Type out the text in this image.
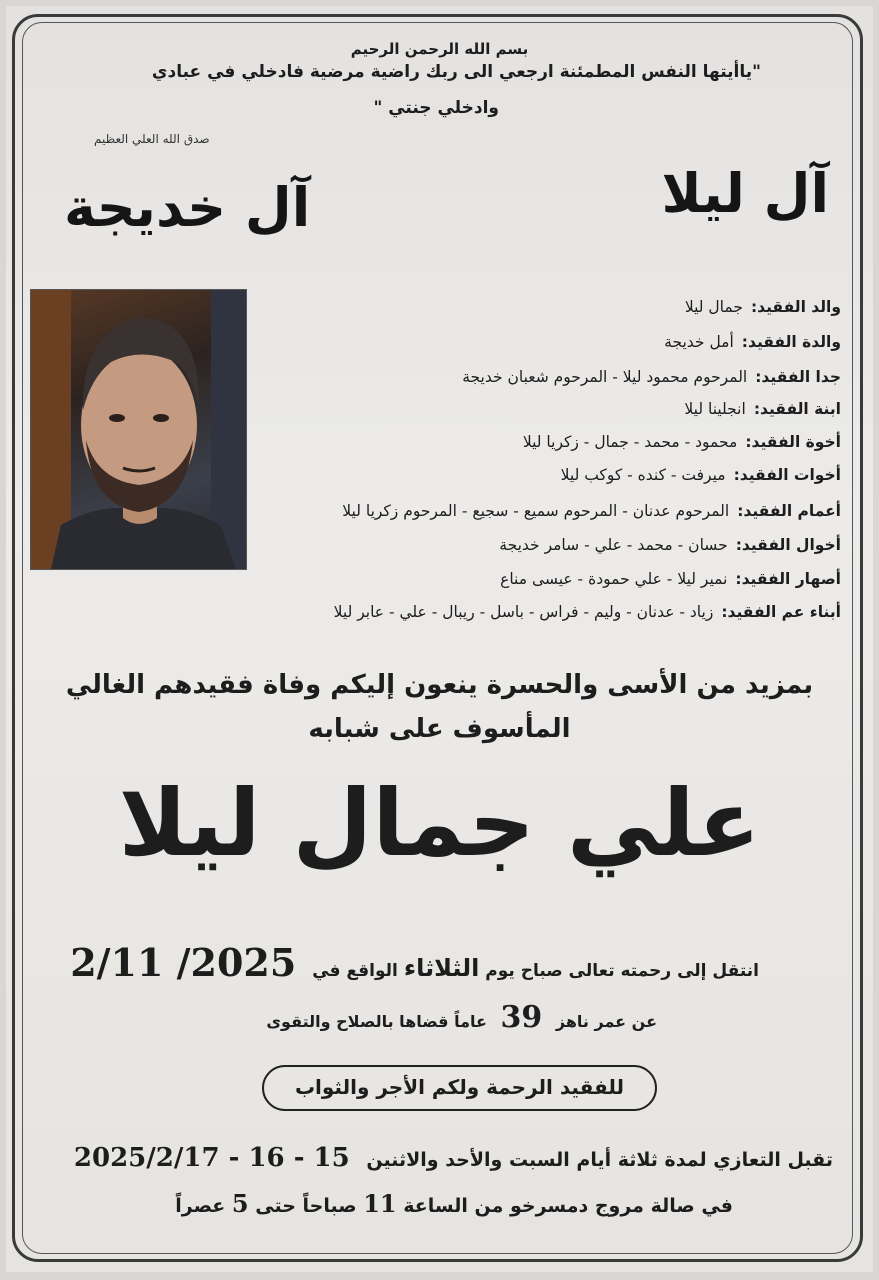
بسم الله الرحمن الرحيم
"ياأيتها النفس المطمئنة ارجعي الى ربك راضية مرضية فادخلي في عبادي
وادخلي جنتي "
صدق الله العلي العظيم
آل ليلا
آل خديجة
والد الفقيد:جمال ليلا
والدة الفقيد:أمل خديجة
جدا الفقيد:المرحوم محمود ليلا - المرحوم شعبان خديجة
ابنة الفقيد:انجلينا ليلا
أخوة الفقيد:محمود - محمد - جمال - زكريا ليلا
أخوات الفقيد:ميرفت - كنده - كوكب ليلا
أعمام الفقيد:المرحوم عدنان - المرحوم سميع - سجيع - المرحوم زكريا ليلا
أخوال الفقيد:حسان - محمد - علي - سامر خديجة
أصهار الفقيد:نمير ليلا - علي حمودة - عيسى مناع
أبناء عم الفقيد:زياد - عدنان - وليم - فراس - باسل - ريبال - علي - عابر ليلا
بمزيد من الأسى والحسرة ينعون إليكم وفاة فقيدهم الغالي
المأسوف على شبابه
علي جمال ليلا
انتقل إلى رحمته تعالى صباح يوم الثلاثاء الواقع في 2025/ 2/11
عن عمر ناهز 39 عاماً قضاها بالصلاح والتقوى
للفقيد الرحمة ولكم الأجر والثواب
تقبل التعازي لمدة ثلاثة أيام السبت والأحد والاثنين 15 - 16 - 2025/2/17
في صالة مروج دمسرخو من الساعة 11 صباحاً حتى 5 عصراً
